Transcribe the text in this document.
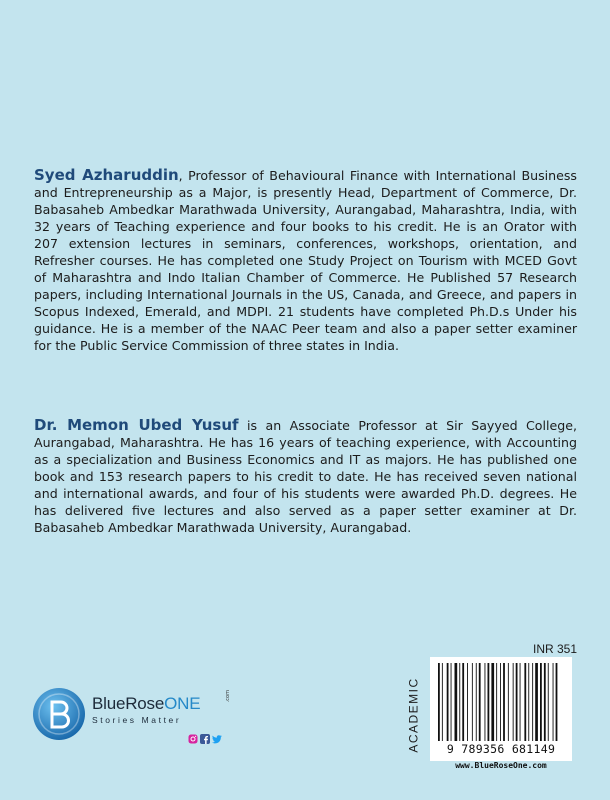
Syed Azharuddin, Professor of Behavioural Finance with International Business and Entrepreneurship as a Major, is presently Head, Department of Commerce, Dr. Babasaheb Ambedkar Marathwada University, Aurangabad, Maharashtra, India, with 32 years of Teaching experience and four books to his credit. He is an Orator with 207 extension lectures in seminars, conferences, workshops, orientation, and Refresher courses. He has completed one Study Project on Tourism with MCED Govt of Maharashtra and Indo Italian Chamber of Commerce. He Published 57 Research papers, including International Journals in the US, Canada, and Greece, and papers in Scopus Indexed, Emerald, and MDPI. 21 students have completed Ph.D.s Under his guidance. He is a member of the NAAC Peer team and also a paper setter examiner for the Public Service Commission of three states in India.

Dr. Memon Ubed Yusuf is an Associate Professor at Sir Sayyed College, Aurangabad, Maharashtra. He has 16 years of teaching experience, with Accounting as a specialization and Business Economics and IT as majors. He has published one book and 153 research papers to his credit to date. He has received seven national and international awards, and four of his students were awarded Ph.D. degrees. He has delivered five lectures and also served as a paper setter examiner at Dr. Babasaheb Ambedkar Marathwada University, Aurangabad.

BlueRoseONE	.com
Stories Matter
INR 351
ACADEMIC	9 789356 681149
www.BlueRoseOne.com
